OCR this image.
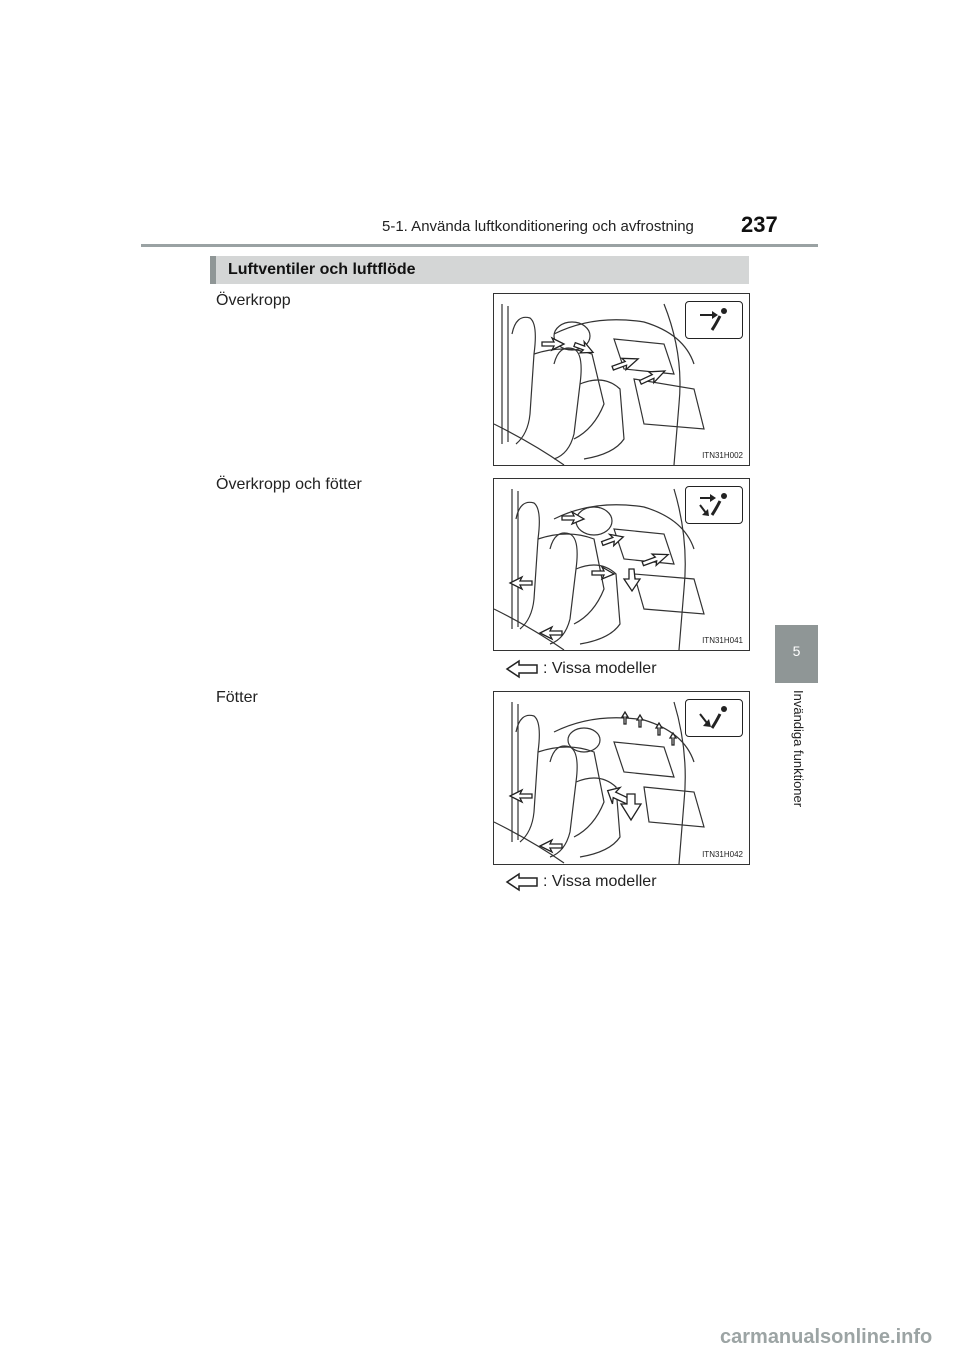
5-1. Använda luftkonditionering och avfrostning 237
Luftventiler och luftflöde
Överkropp
ITN31H002
Överkropp och fötter
ITN31H041
: Vissa modeller
Fötter
ITN31H042
: Vissa modeller
5
Invändiga funktioner
carmanualsonline.info
